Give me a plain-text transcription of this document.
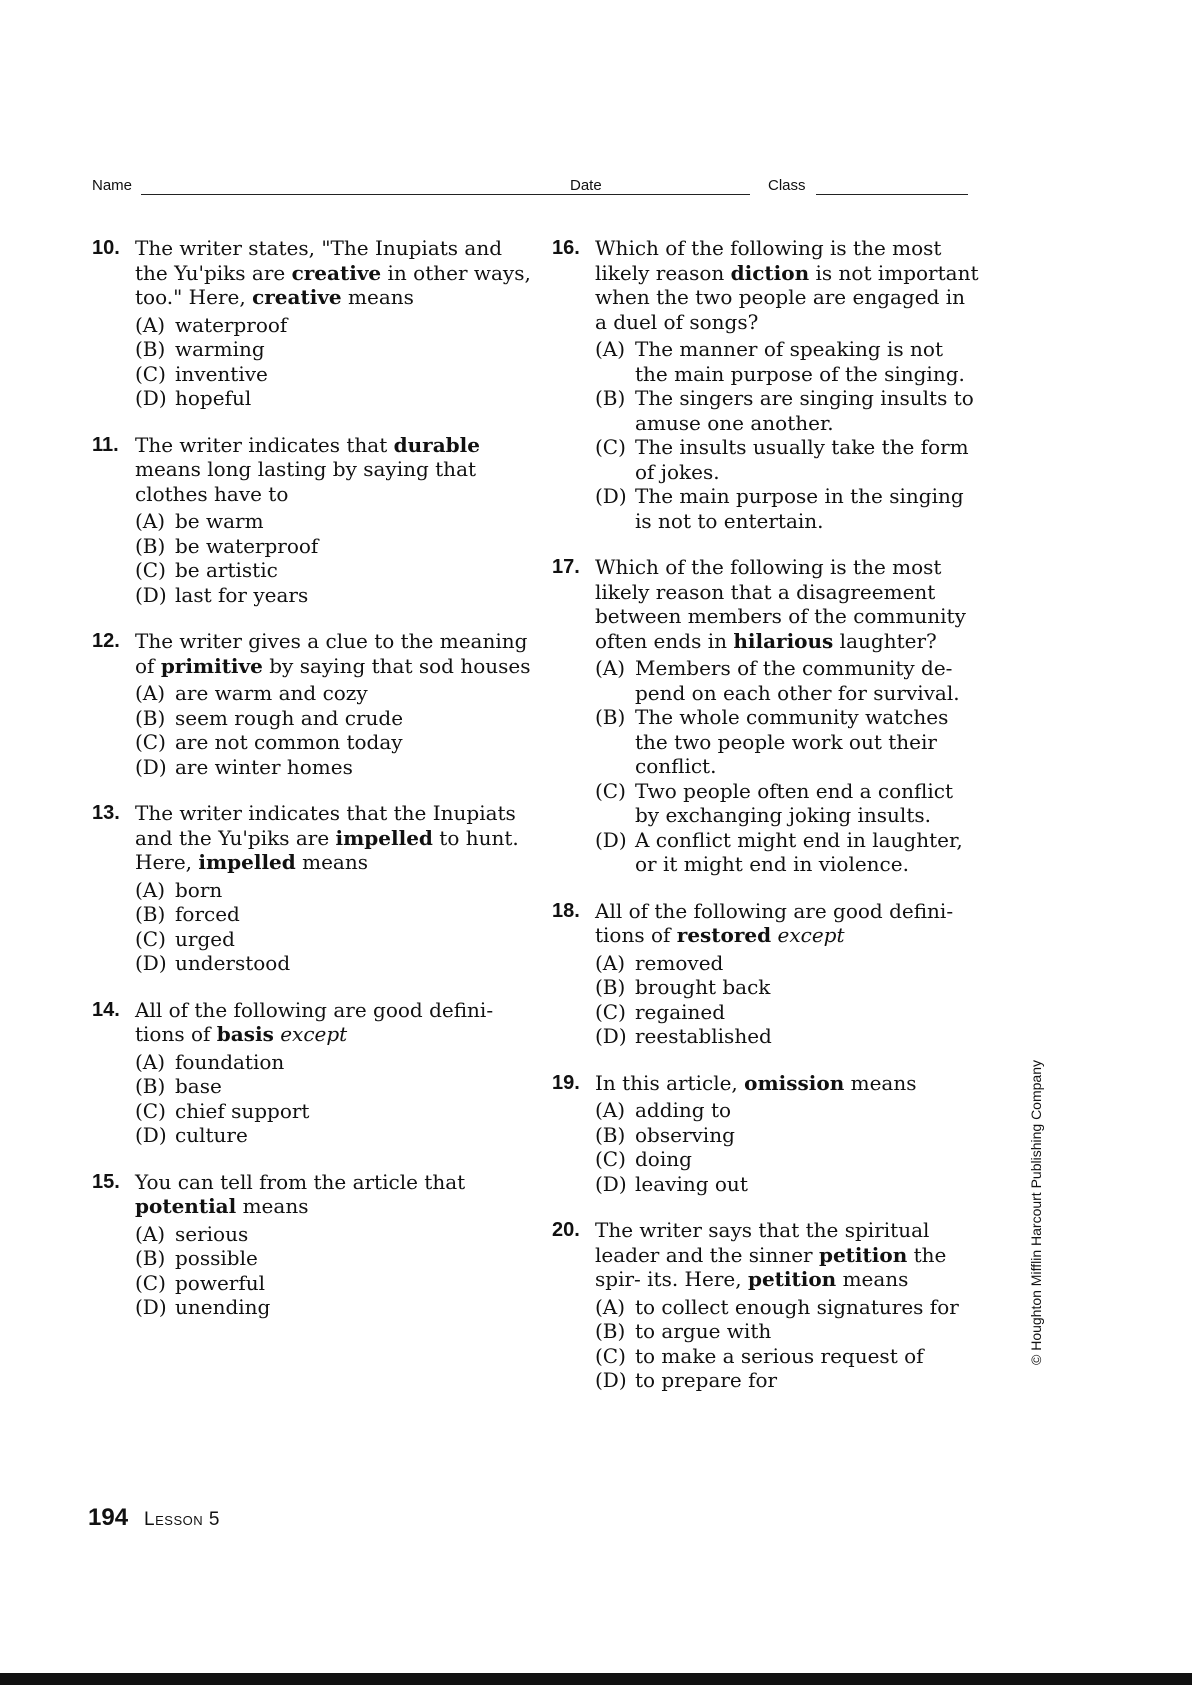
Name	Date	Class
10. The writer states, "The Inupiats and the Yu'piks are creative in other ways, too." Here, creative means
(A) waterproof
(B) warming
(C) inventive
(D) hopeful
11. The writer indicates that durable means long lasting by saying that clothes have to
(A) be warm
(B) be waterproof
(C) be artistic
(D) last for years
12. The writer gives a clue to the meaning of primitive by saying that sod houses
(A) are warm and cozy
(B) seem rough and crude
(C) are not common today
(D) are winter homes
13. The writer indicates that the Inupiats and the Yu'piks are impelled to hunt. Here, impelled means
(A) born
(B) forced
(C) urged
(D) understood
14. All of the following are good defini- tions of basis except
(A) foundation
(B) base
(C) chief support
(D) culture
15. You can tell from the article that potential means
(A) serious
(B) possible
(C) powerful
(D) unending
16. Which of the following is the most likely reason diction is not important when the two people are engaged in a duel of songs?
(A) The manner of speaking is not the main purpose of the singing.
(B) The singers are singing insults to amuse one another.
(C) The insults usually take the form of jokes.
(D) The main purpose in the singing is not to entertain.
17. Which of the following is the most likely reason that a disagreement between members of the community often ends in hilarious laughter?
(A) Members of the community de- pend on each other for survival.
(B) The whole community watches the two people work out their conflict.
(C) Two people often end a conflict by exchanging joking insults.
(D) A conflict might end in laughter, or it might end in violence.
18. All of the following are good defini- tions of restored except
(A) removed
(B) brought back
(C) regained
(D) reestablished
19. In this article, omission means
(A) adding to
(B) observing
(C) doing
(D) leaving out
20. The writer says that the spiritual leader and the sinner petition the spir- its. Here, petition means
(A) to collect enough signatures for
(B) to argue with
(C) to make a serious request of
(D) to prepare for
194 Lesson 5
© Houghton Mifflin Harcourt Publishing Company
